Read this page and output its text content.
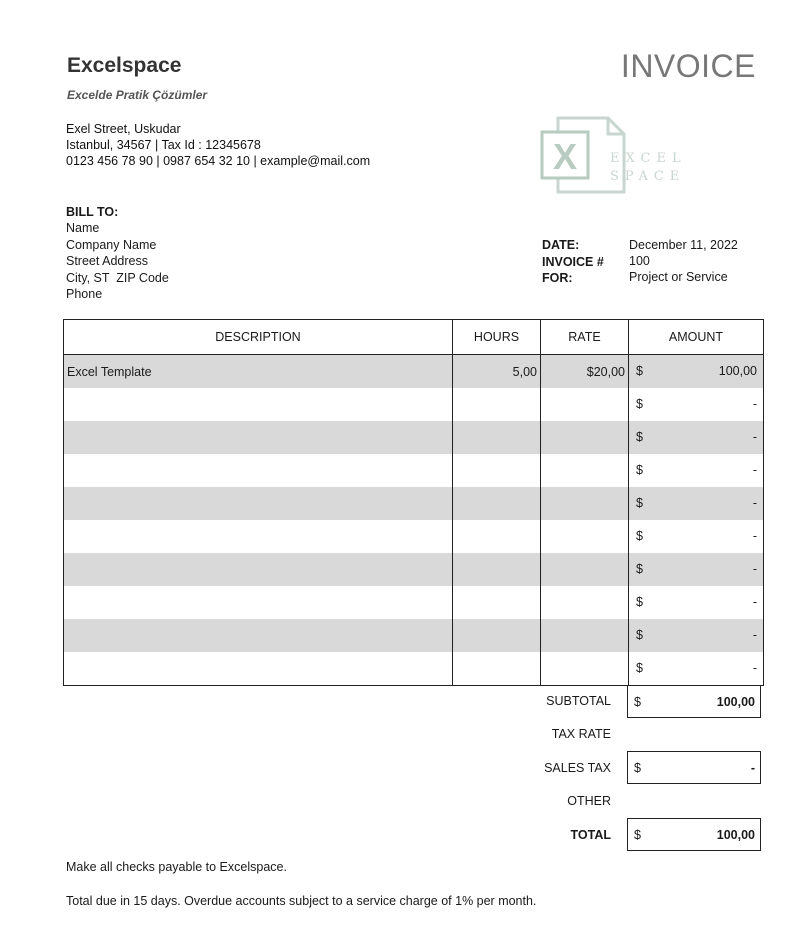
Excelspace
Excelde Pratik Çözümler
Exel Street, Uskudar
Istanbul, 34567 | Tax Id : 12345678
0123 456 78 90 | 0987 654 32 10 | example@mail.com
INVOICE
X	EXCEL
SPACE
BILL TO:
Name
Company Name
Street Address
City, ST  ZIP Code
Phone
DATE:	December 11, 2022
INVOICE # 100
FOR:	Project or Service
DESCRIPTION	HOURS	RATE	AMOUNT
Excel Template	5,00	$20,00	$ 100,00

			$ -

			$ -

			$ -

			$ -

			$ -

			$ -

			$ -

			$ -

			$ -
SUBTOTAL $	100,00
TAX RATE
SALES TAX $	-
OTHER
TOTAL $	100,00
Make all checks payable to Excelspace.
Total due in 15 days. Overdue accounts subject to a service charge of 1% per month.
